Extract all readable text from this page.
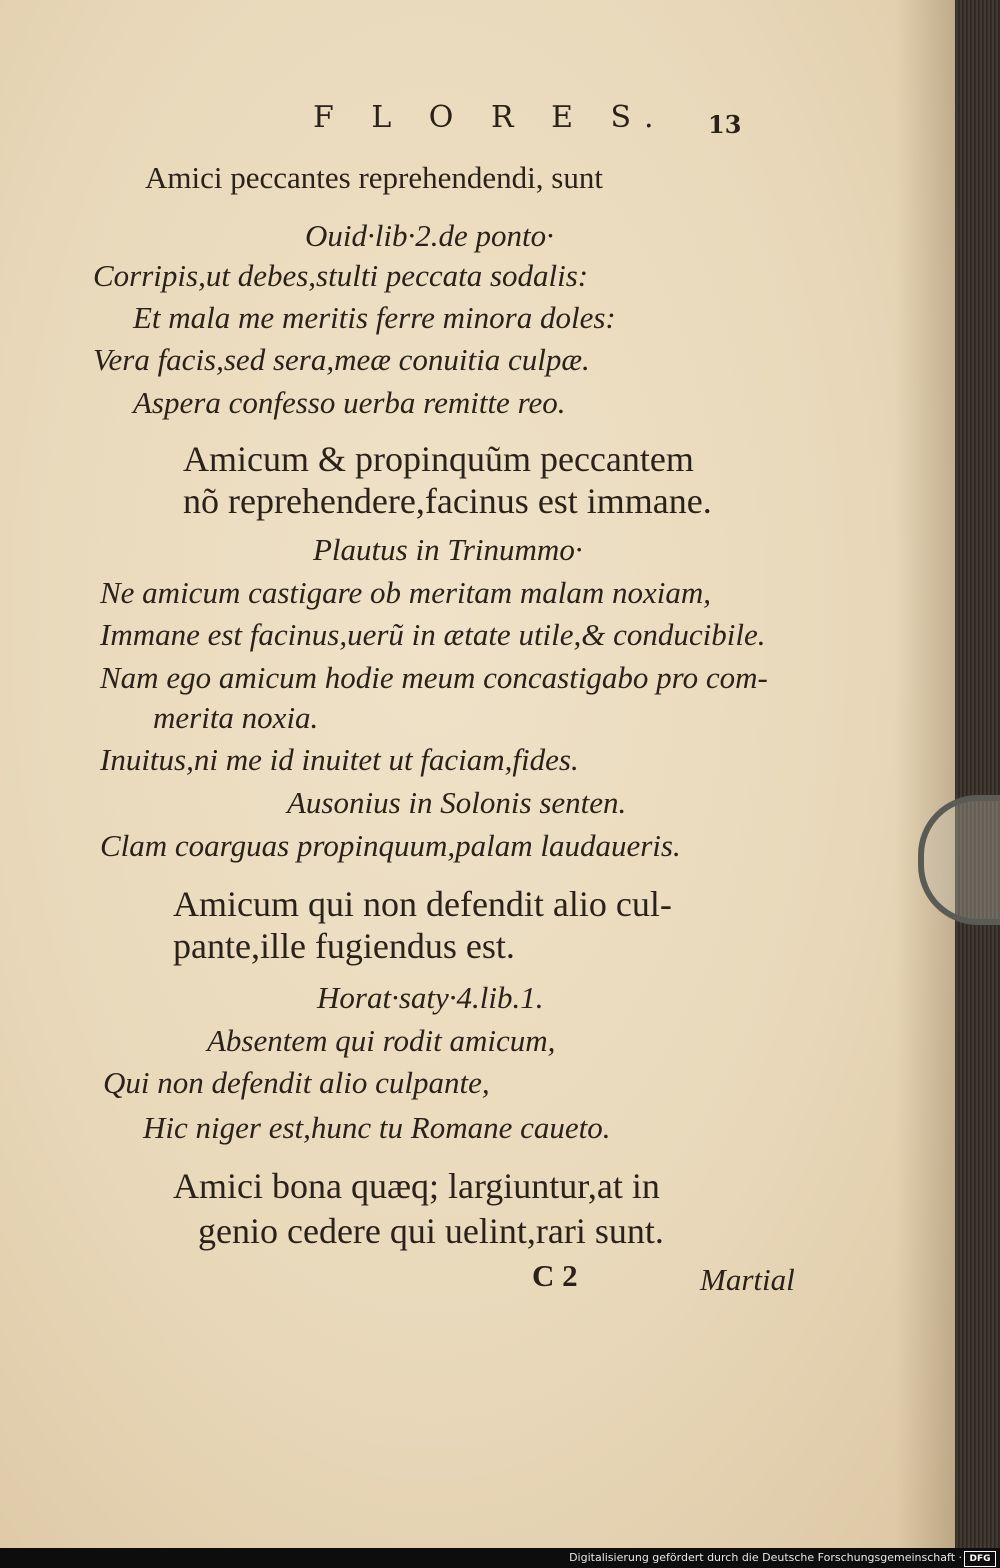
F L O R E S. 13
Amici peccantes reprehendendi, sunt
Ouid·lib·2.de ponto·
Corripis,ut debes,stulti peccata sodalis:
Et mala me meritis ferre minora doles:
Vera facis,sed sera,meæ conuitia culpæ.
Aspera confesso uerba remitte reo.
Amicum & propinquũm peccantem
nõ reprehendere,facinus est immane.
Plautus in Trinummo·
Ne amicum castigare ob meritam malam noxiam,
Immane est facinus,uerũ in ætate utile,& conducibile.
Nam ego amicum hodie meum concastigabo pro com-
merita noxia.
Inuitus,ni me id inuitet ut faciam,fides.
Ausonius in Solonis senten.
Clam coarguas propinquum,palam laudaueris.
Amicum qui non defendit alio cul-
pante,ille fugiendus est.
Horat·saty·4.lib.1.
Absentem qui rodit amicum,
Qui non defendit alio culpante,
Hic niger est,hunc tu Romane caueto.
Amici bona quæq; largiuntur,at in
genio cedere qui uelint,rari sunt.
C 2	Martial
Digitalisierung gefördert durch die Deutsche Forschungsgemeinschaft · DFG
